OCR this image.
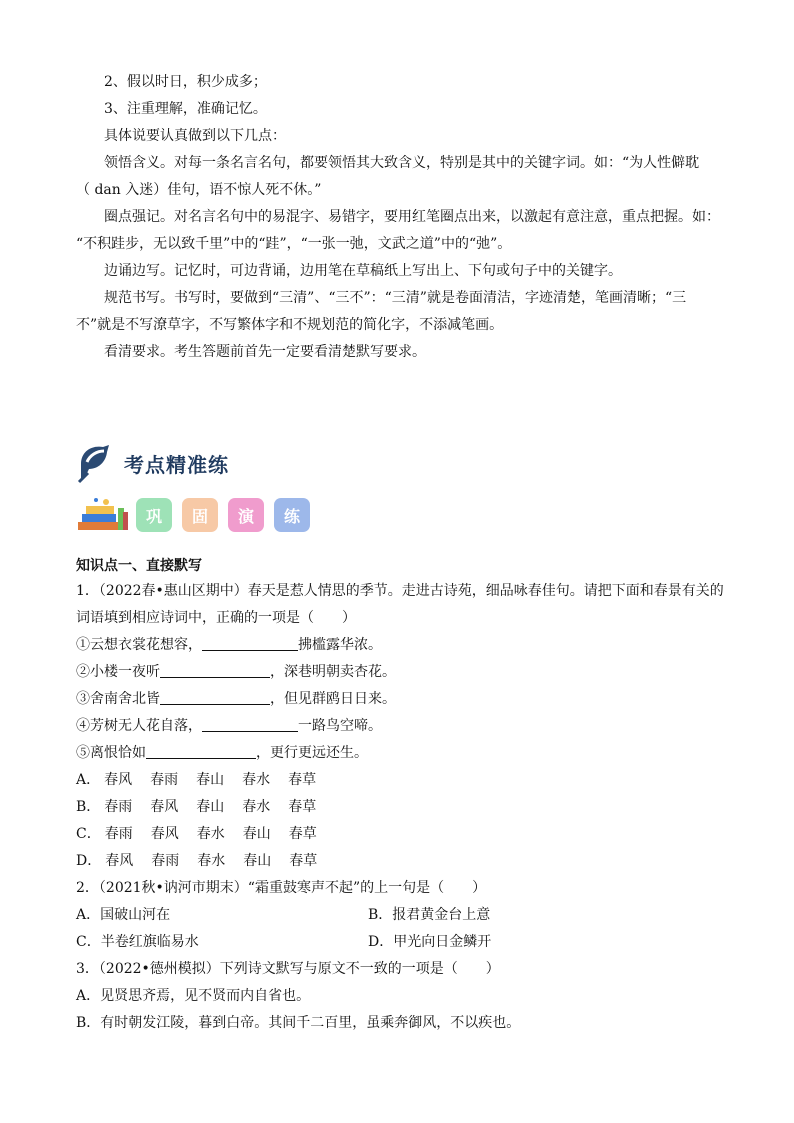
2、假以时日，积少成多；
3、注重理解，准确记忆。
具体说要认真做到以下几点：
领悟含义。对每一条名言名句，都要领悟其大致含义，特别是其中的关键字词。如：“为人性僻耽
（ dan 入迷）佳句，语不惊人死不休。”
圈点强记。对名言名句中的易混字、易错字，要用红笔圈点出来，以激起有意注意，重点把握。如：
“不积跬步，无以致千里”中的“跬”，“一张一弛，文武之道”中的“弛”。
边诵边写。记忆时，可边背诵，边用笔在草稿纸上写出上、下句或句子中的关键字。
规范书写。书写时，要做到“三清”、“三不”：“三清”就是卷面清洁，字迹清楚，笔画清晰；“三
不”就是不写潦草字，不写繁体字和不规划范的简化字，不添减笔画。
看清要求。考生答题前首先一定要看清楚默写要求。
考点精准练
巩 固 演 练
知识点一、直接默写
1．（2022春•惠山区期中）春天是惹人情思的季节。走进古诗苑，细品咏春佳句。请把下面和春景有关的
词语填到相应诗词中，正确的一项是（　　）
①云想衣裳花想容，	拂槛露华浓。
②小楼一夜听	，深巷明朝卖杏花。
③舍南舍北皆	，但见群鸥日日来。
④芳树无人花自落，	一路鸟空啼。
⑤离恨恰如	，更行更远还生。
A． 春风 春雨 春山 春水 春草
B． 春雨 春风 春山 春水 春草
C． 春雨 春风 春水 春山 春草
D． 春风 春雨 春水 春山 春草
2．（2021秋•讷河市期末）“霜重鼓寒声不起”的上一句是（　　）
A．国破山河在	B．报君黄金台上意
C．半卷红旗临易水	D．甲光向日金鳞开
3．（2022•德州模拟）下列诗文默写与原文不一致的一项是（　　）
A．见贤思齐焉，见不贤而内自省也。
B．有时朝发江陵，暮到白帝。其间千二百里，虽乘奔御风，不以疾也。
